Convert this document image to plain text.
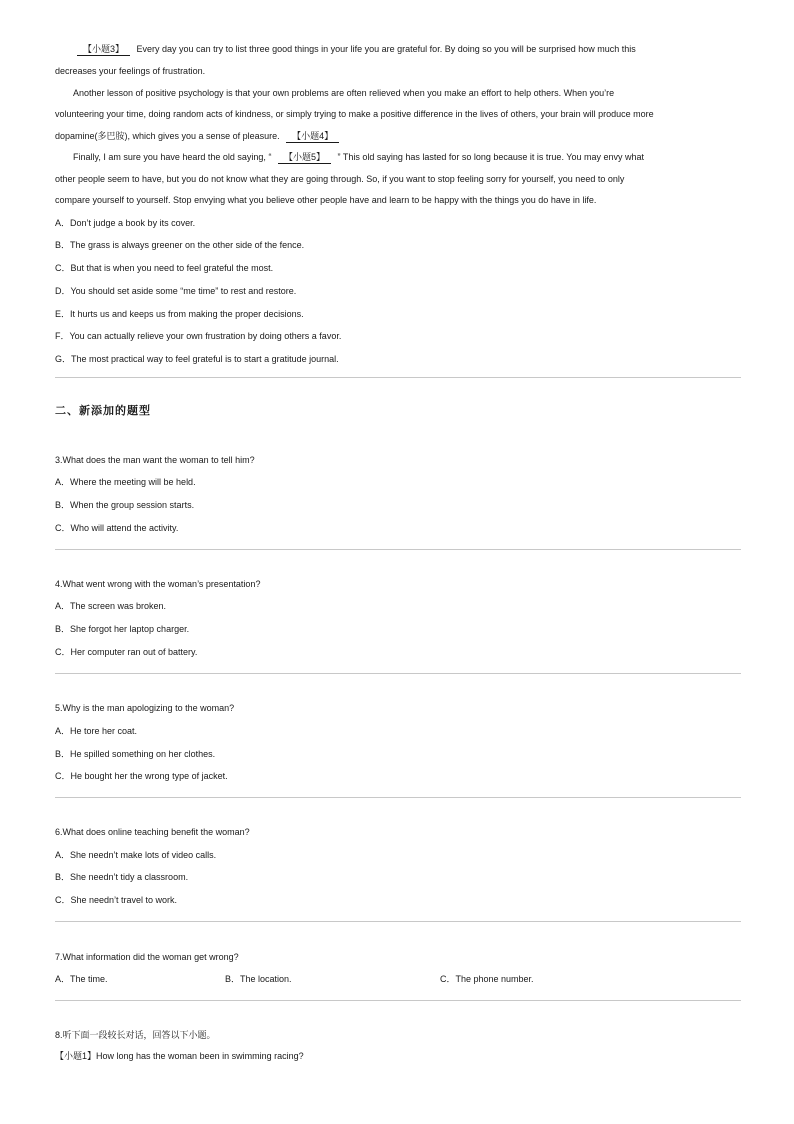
【小题3】 Every day you can try to list three good things in your life you are grateful for. By doing so you will be surprised how much this
decreases your feelings of frustration.
Another lesson of positive psychology is that your own problems are often relieved when you make an effort to help others. When you’re
volunteering your time, doing random acts of kindness, or simply trying to make a positive difference in the lives of others, your brain will produce more
dopamine(多巴胺), which gives you a sense of pleasure. 【小题4】
Finally, I am sure you have heard the old saying, “ 【小题5】 ” This old saying has lasted for so long because it is true. You may envy what
other people seem to have, but you do not know what they are going through. So, if you want to stop feeling sorry for yourself, you need to only
compare yourself to yourself. Stop envying what you believe other people have and learn to be happy with the things you do have in life.
A．Don’t judge a book by its cover.
B．The grass is always greener on the other side of the fence.
C．But that is when you need to feel grateful the most.
D．You should set aside some “me time” to rest and restore.
E．It hurts us and keeps us from making the proper decisions.
F．You can actually relieve your own frustration by doing others a favor.
G．The most practical way to feel grateful is to start a gratitude journal.
二、新添加的题型
3.What does the man want the woman to tell him?
A．Where the meeting will be held.
B．When the group session starts.
C．Who will attend the activity.
4.What went wrong with the woman’s presentation?
A．The screen was broken.
B．She forgot her laptop charger.
C．Her computer ran out of battery.
5.Why is the man apologizing to the woman?
A．He tore her coat.
B．He spilled something on her clothes.
C．He bought her the wrong type of jacket.
6.What does online teaching benefit the woman?
A．She needn’t make lots of video calls.
B．She needn’t tidy a classroom.
C．She needn’t travel to work.
7.What information did the woman get wrong?
A．The time.	B．The location.	C．The phone number.
8.听下面一段较长对话，回答以下小题。
【小题1】How long has the woman been in swimming racing?
